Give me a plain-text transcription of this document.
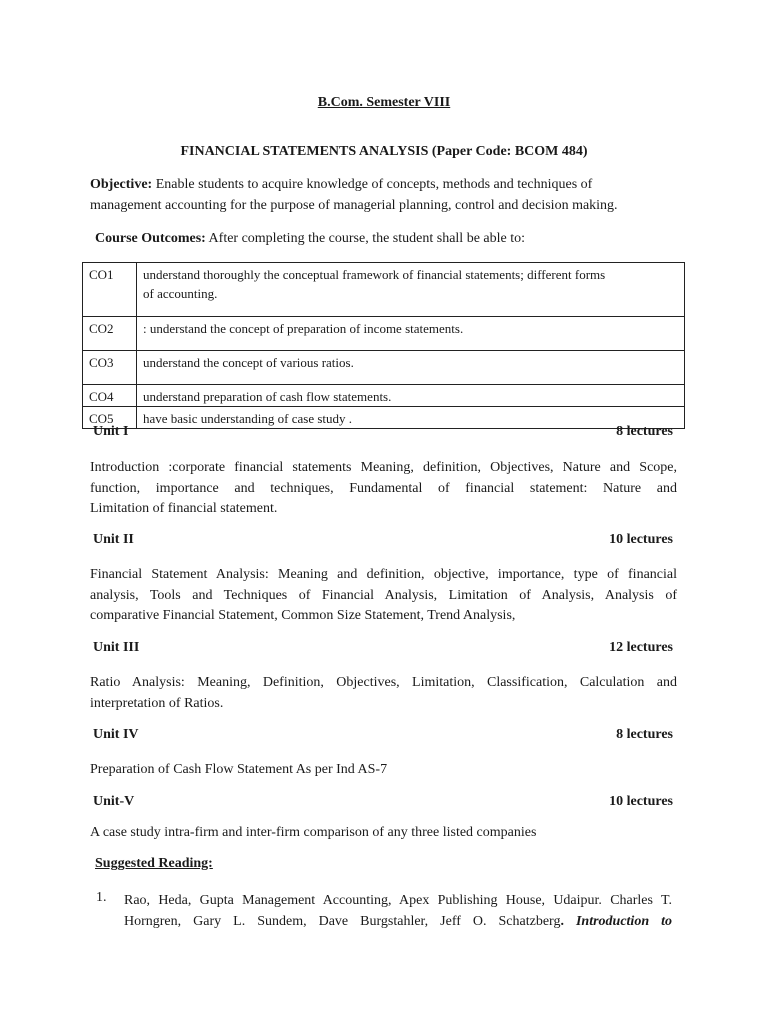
B.Com. Semester VIII
FINANCIAL STATEMENTS ANALYSIS (Paper Code: BCOM 484)
Objective: Enable students to acquire knowledge of concepts, methods and techniques of
management accounting for the purpose of managerial planning, control and decision making.
Course Outcomes: After completing the course, the student shall be able to:
CO1	understand thoroughly the conceptual framework of financial statements; different forms
of accounting.

CO2	: understand the concept of preparation of income statements.
CO3	understand the concept of various ratios.
CO4	understand preparation of cash flow statements.
CO5	have basic understanding of case study .
Unit I	8 lectures
Introduction :corporate financial statements Meaning, definition, Objectives, Nature and Scope,
function, importance and techniques, Fundamental of financial statement: Nature and
Limitation of financial statement.
Unit II	10 lectures
Financial Statement Analysis: Meaning and definition, objective, importance, type of financial
analysis, Tools and Techniques of Financial Analysis, Limitation of Analysis, Analysis of
comparative Financial Statement, Common Size Statement, Trend Analysis,
Unit III	12 lectures
Ratio Analysis: Meaning, Definition, Objectives, Limitation, Classification, Calculation and
interpretation of Ratios.
Unit IV	8 lectures
Preparation of Cash Flow Statement As per Ind AS-7
Unit-V	10 lectures
A case study intra-firm and inter-firm comparison of any three listed companies
Suggested Reading:
1. Rao, Heda, Gupta Management Accounting, Apex Publishing House, Udaipur. Charles T.
Horngren, Gary L. Sundem, Dave Burgstahler, Jeff O. Schatzberg. Introduction to
